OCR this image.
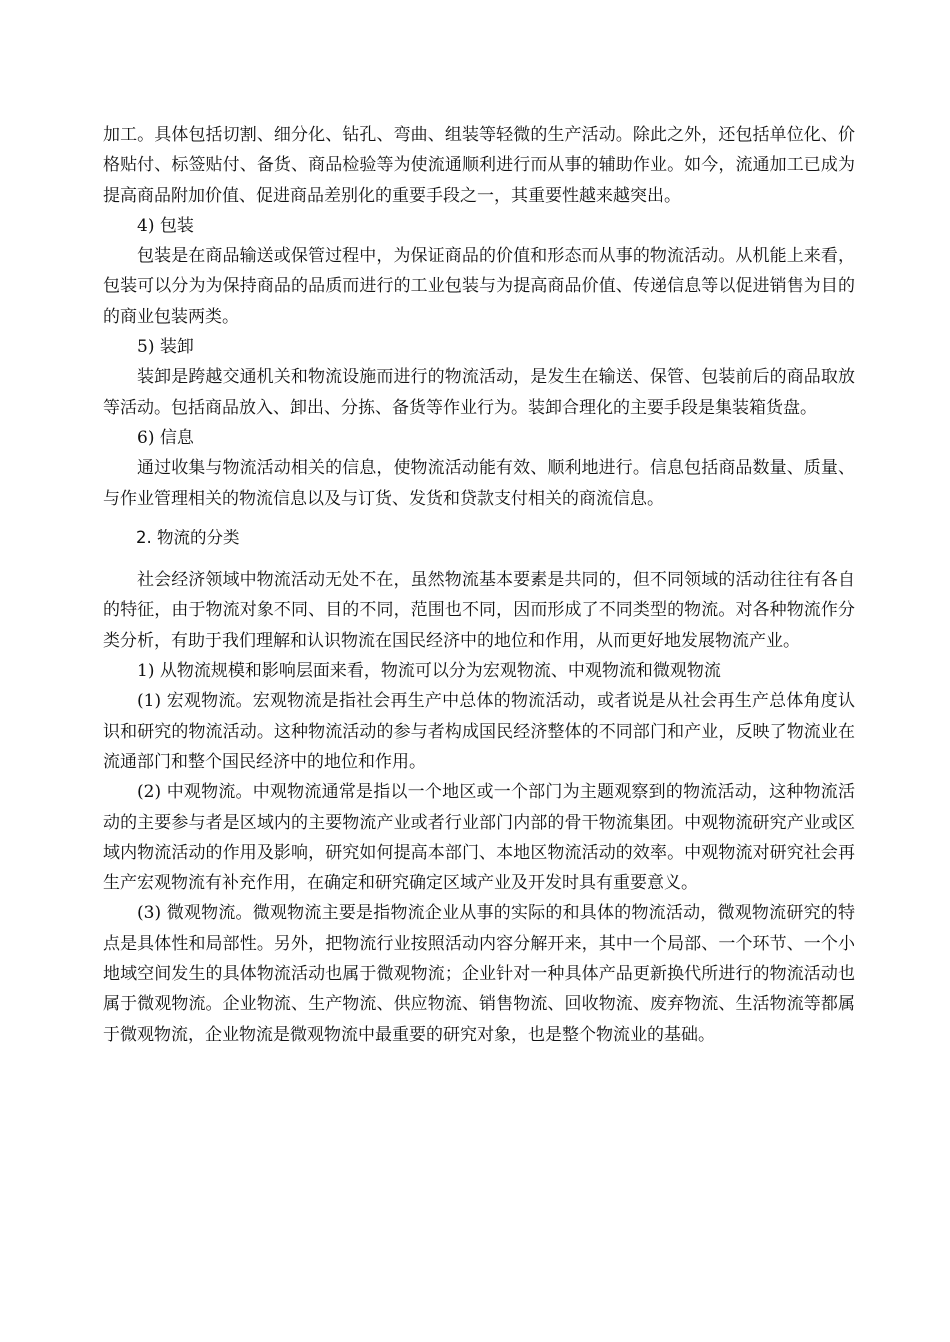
加工。具体包括切割、细分化、钻孔、弯曲、组装等轻微的生产活动。除此之外，还包括单位化、价格贴付、标签贴付、备货、商品检验等为使流通顺利进行而从事的辅助作业。如今，流通加工已成为提高商品附加价值、促进商品差别化的重要手段之一，其重要性越来越突出。

4) 包装

包装是在商品输送或保管过程中，为保证商品的价值和形态而从事的物流活动。从机能上来看，包装可以分为为保持商品的品质而进行的工业包装与为提高商品价值、传递信息等以促进销售为目的的商业包装两类。

5) 装卸

装卸是跨越交通机关和物流设施而进行的物流活动，是发生在输送、保管、包装前后的商品取放等活动。包括商品放入、卸出、分拣、备货等作业行为。装卸合理化的主要手段是集装箱货盘。

6) 信息

通过收集与物流活动相关的信息，使物流活动能有效、顺利地进行。信息包括商品数量、质量、与作业管理相关的物流信息以及与订货、发货和贷款支付相关的商流信息。

2. 物流的分类

社会经济领域中物流活动无处不在，虽然物流基本要素是共同的，但不同领域的活动往往有各自的特征，由于物流对象不同、目的不同，范围也不同，因而形成了不同类型的物流。对各种物流作分类分析，有助于我们理解和认识物流在国民经济中的地位和作用，从而更好地发展物流产业。

1) 从物流规模和影响层面来看，物流可以分为宏观物流、中观物流和微观物流

(1) 宏观物流。宏观物流是指社会再生产中总体的物流活动，或者说是从社会再生产总体角度认识和研究的物流活动。这种物流活动的参与者构成国民经济整体的不同部门和产业，反映了物流业在流通部门和整个国民经济中的地位和作用。

(2) 中观物流。中观物流通常是指以一个地区或一个部门为主题观察到的物流活动，这种物流活动的主要参与者是区域内的主要物流产业或者行业部门内部的骨干物流集团。中观物流研究产业或区域内物流活动的作用及影响，研究如何提高本部门、本地区物流活动的效率。中观物流对研究社会再生产宏观物流有补充作用，在确定和研究确定区域产业及开发时具有重要意义。

(3) 微观物流。微观物流主要是指物流企业从事的实际的和具体的物流活动，微观物流研究的特点是具体性和局部性。另外，把物流行业按照活动内容分解开来，其中一个局部、一个环节、一个小地域空间发生的具体物流活动也属于微观物流；企业针对一种具体产品更新换代所进行的物流活动也属于微观物流。企业物流、生产物流、供应物流、销售物流、回收物流、废弃物流、生活物流等都属于微观物流，企业物流是微观物流中最重要的研究对象，也是整个物流业的基础。
